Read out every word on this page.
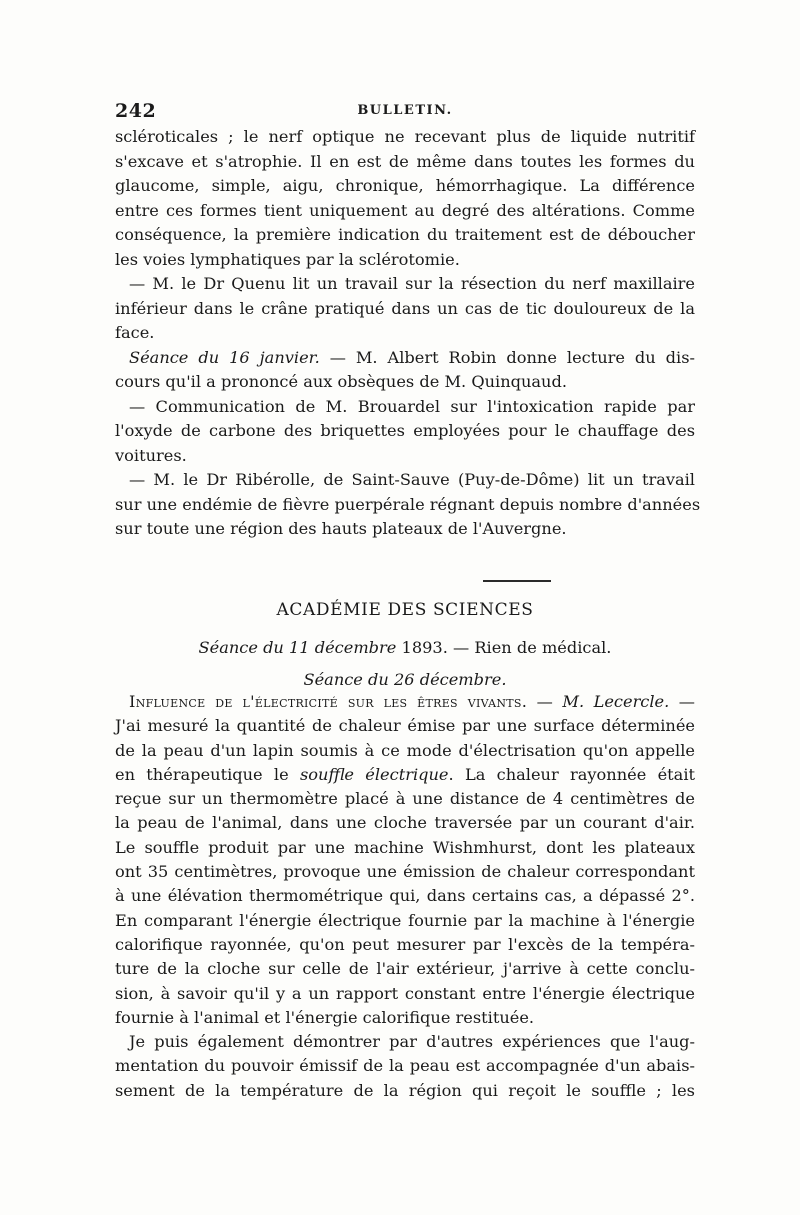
242	BULLETIN.
scléroticales ; le nerf optique ne recevant plus de liquide nutritif
s'excave et s'atrophie. Il en est de même dans toutes les formes du
glaucome, simple, aigu, chronique, hémorrhagique. La différence
entre ces formes tient uniquement au degré des altérations. Comme
conséquence, la première indication du traitement est de déboucher
les voies lymphatiques par la sclérotomie.
— M. le Dr Quenu lit un travail sur la résection du nerf maxillaire
inférieur dans le crâne pratiqué dans un cas de tic douloureux de la
face.
Séance du 16 janvier. — M. Albert Robin donne lecture du dis-
cours qu'il a prononcé aux obsèques de M. Quinquaud.
— Communication de M. Brouardel sur l'intoxication rapide par
l'oxyde de carbone des briquettes employées pour le chauffage des
voitures.
— M. le Dr Ribérolle, de Saint-Sauve (Puy-de-Dôme) lit un travail
sur une endémie de fièvre puerpérale régnant depuis nombre d'années
sur toute une région des hauts plateaux de l'Auvergne.
ACADÉMIE DES SCIENCES
Séance du 11 décembre 1893. — Rien de médical.
Séance du 26 décembre.
Influence de l'électricité sur les êtres vivants. — M. Lecercle. —
J'ai mesuré la quantité de chaleur émise par une surface déterminée
de la peau d'un lapin soumis à ce mode d'électrisation qu'on appelle
en thérapeutique le souffle électrique. La chaleur rayonnée était
reçue sur un thermomètre placé à une distance de 4 centimètres de
la peau de l'animal, dans une cloche traversée par un courant d'air.
Le souffle produit par une machine Wishmhurst, dont les plateaux
ont 35 centimètres, provoque une émission de chaleur correspondant
à une élévation thermométrique qui, dans certains cas, a dépassé 2°.
En comparant l'énergie électrique fournie par la machine à l'énergie
calorifique rayonnée, qu'on peut mesurer par l'excès de la tempéra-
ture de la cloche sur celle de l'air extérieur, j'arrive à cette conclu-
sion, à savoir qu'il y a un rapport constant entre l'énergie électrique
fournie à l'animal et l'énergie calorifique restituée.
Je puis également démontrer par d'autres expériences que l'aug-
mentation du pouvoir émissif de la peau est accompagnée d'un abais-
sement de la température de la région qui reçoit le souffle ; les
